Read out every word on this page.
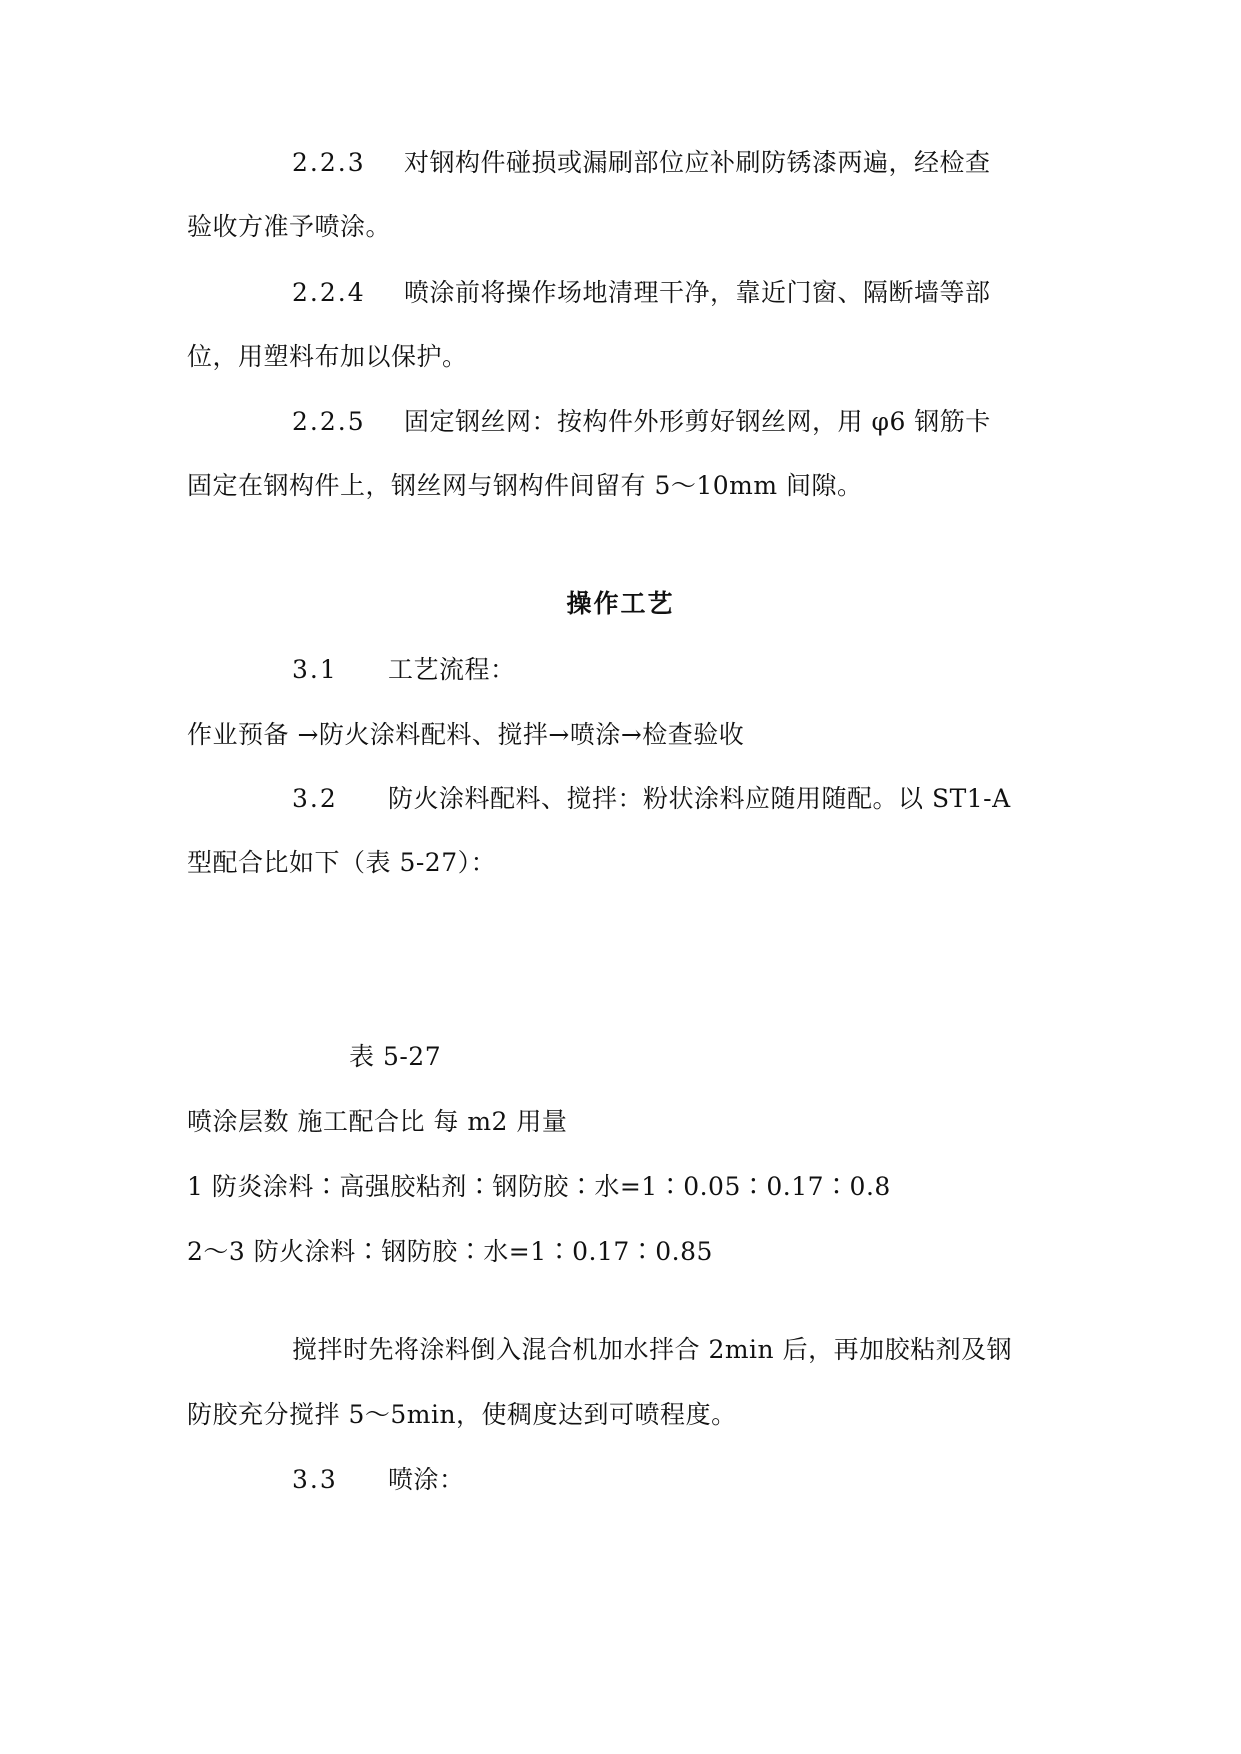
2.2.3 对钢构件碰损或漏刷部位应补刷防锈漆两遍，经检查
验收方准予喷涂。
2.2.4 喷涂前将操作场地清理干净，靠近门窗、隔断墙等部
位，用塑料布加以保护。
2.2.5 固定钢丝网：按构件外形剪好钢丝网，用 φ6 钢筋卡
固定在钢构件上，钢丝网与钢构件间留有 5～10mm 间隙。
操作工艺
3.1 工艺流程：
作业预备 →防火涂料配料、搅拌→喷涂→检查验收
3.2 防火涂料配料、搅拌：粉状涂料应随用随配。以 ST1-A
型配合比如下（表 5-27）：
表 5-27
喷涂层数 施工配合比 每 m2 用量
1 防炎涂料∶高强胶粘剂∶钢防胶∶水=1∶0.05∶0.17∶0.8
2～3 防火涂料∶钢防胶∶水=1∶0.17∶0.85
搅拌时先将涂料倒入混合机加水拌合 2min 后，再加胶粘剂及钢
防胶充分搅拌 5～5min，使稠度达到可喷程度。
3.3 喷涂：
